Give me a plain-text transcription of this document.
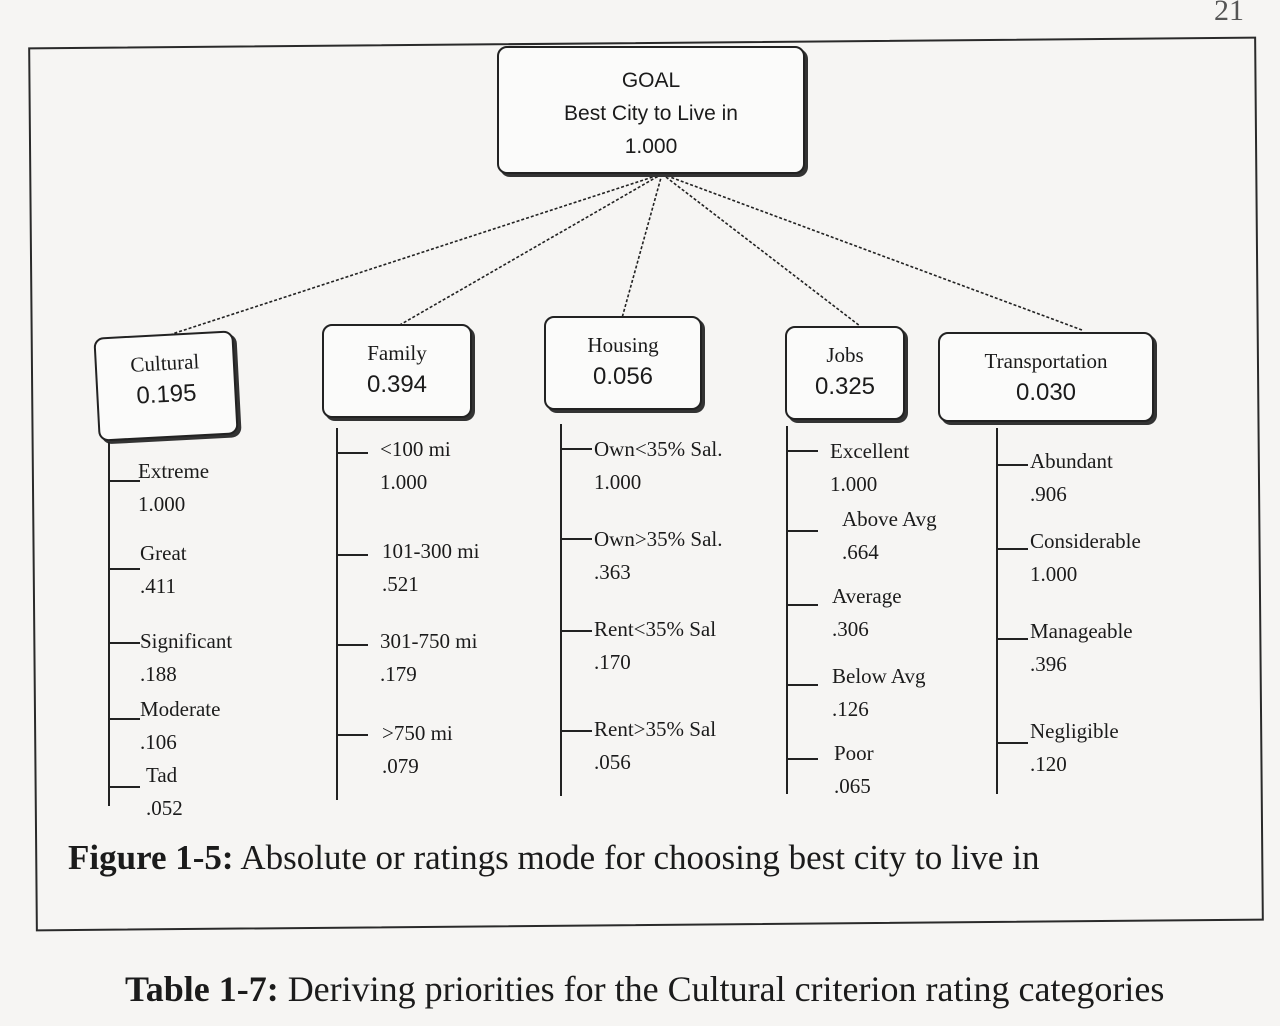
21
GOAL
Best City to Live in
1.000
Cultural
0.195
Family
0.394
Housing
0.056
Jobs
0.325
Transportation
0.030
Extreme
1.000
Great
.411
Significant
.188
Moderate
.106
Tad
.052
<100 mi
1.000
101-300 mi
.521
301-750 mi
.179
>750 mi
.079
Own<35% Sal.
1.000
Own>35% Sal.
.363
Rent<35% Sal
.170
Rent>35% Sal
.056
Excellent
1.000
Above Avg
.664
Average
.306
Below Avg
.126
Poor
.065
Abundant
.906
Considerable
1.000
Manageable
.396
Negligible
.120
Figure 1-5: Absolute or ratings mode for choosing best city to live in
Table 1-7: Deriving priorities for the Cultural criterion rating categories
